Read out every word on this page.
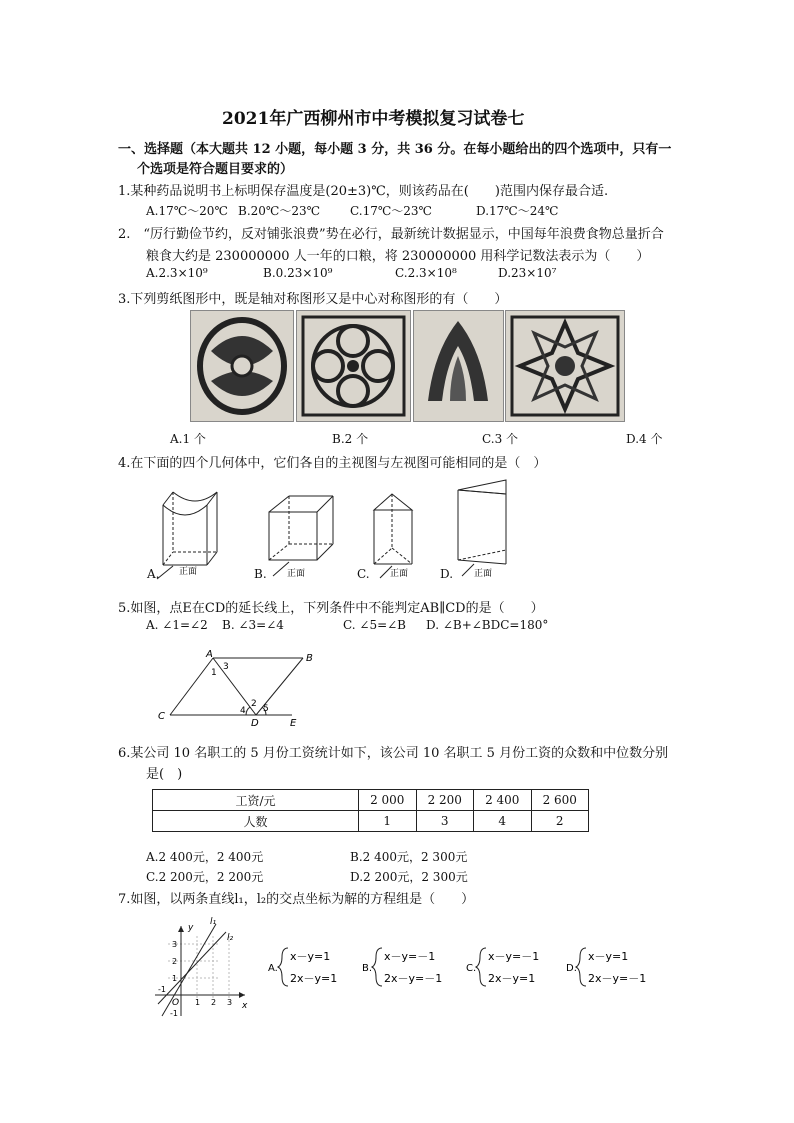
2021年广西柳州市中考模拟复习试卷七
一、选择题（本大题共 12 小题，每小题 3 分，共 36 分。在每小题给出的四个选项中，只有一
个选项是符合题目要求的）
1.某种药品说明书上标明保存温度是(20±3)℃，则该药品在(　　)范围内保存最合适.
A.17℃～20℃ B.20℃～23℃ C.17℃～23℃	D.17℃～24℃
2.　“厉行勤俭节约，反对铺张浪费”势在必行，最新统计数据显示，中国每年浪费食物总量折合
粮食大约是 230000000 人一年的口粮，将 230000000 用科学记数法表示为（　　）
A.2.3×10⁹	B.0.23×10⁹	C.2.3×10⁸	D.23×10⁷
3.下列剪纸图形中，既是轴对称图形又是中心对称图形的有（　　）
A.1 个	B.2 个	C.3 个	D.4 个
4.在下面的四个几何体中，它们各自的主视图与左视图可能相同的是（　）
正面
A.	正面
B.	正面
C.	正面
D.
5.如图，点E在CD的延长线上，下列条件中不能判定AB∥CD的是（　　）
A. ∠1=∠2 B. ∠3=∠4	C. ∠5=∠B D. ∠B+∠BDC=180°
A	B
C
D	E
1
3
2
4 5
6.某公司 10 名职工的 5 月份工资统计如下，该公司 10 名职工 5 月份工资的众数和中位数分别
是(　)
工资/元	2 000	2 200	2 400	2 600
人数	1	3	4	2
A.2 400元，2 400元	B.2 400元，2 300元
C.2 200元，2 200元	D.2 200元，2 300元
7.如图，以两条直线l₁，l₂的交点坐标为解的方程组是（　　）
y
x
O
l₁
l₂
3
2
1
-1
-1
1 2 3
A.
x－y=1
2x－y=1
B.
x－y=－1
2x－y=－1
C.
x－y=－1
2x－y=1
D.
x－y=1
2x－y=－1
